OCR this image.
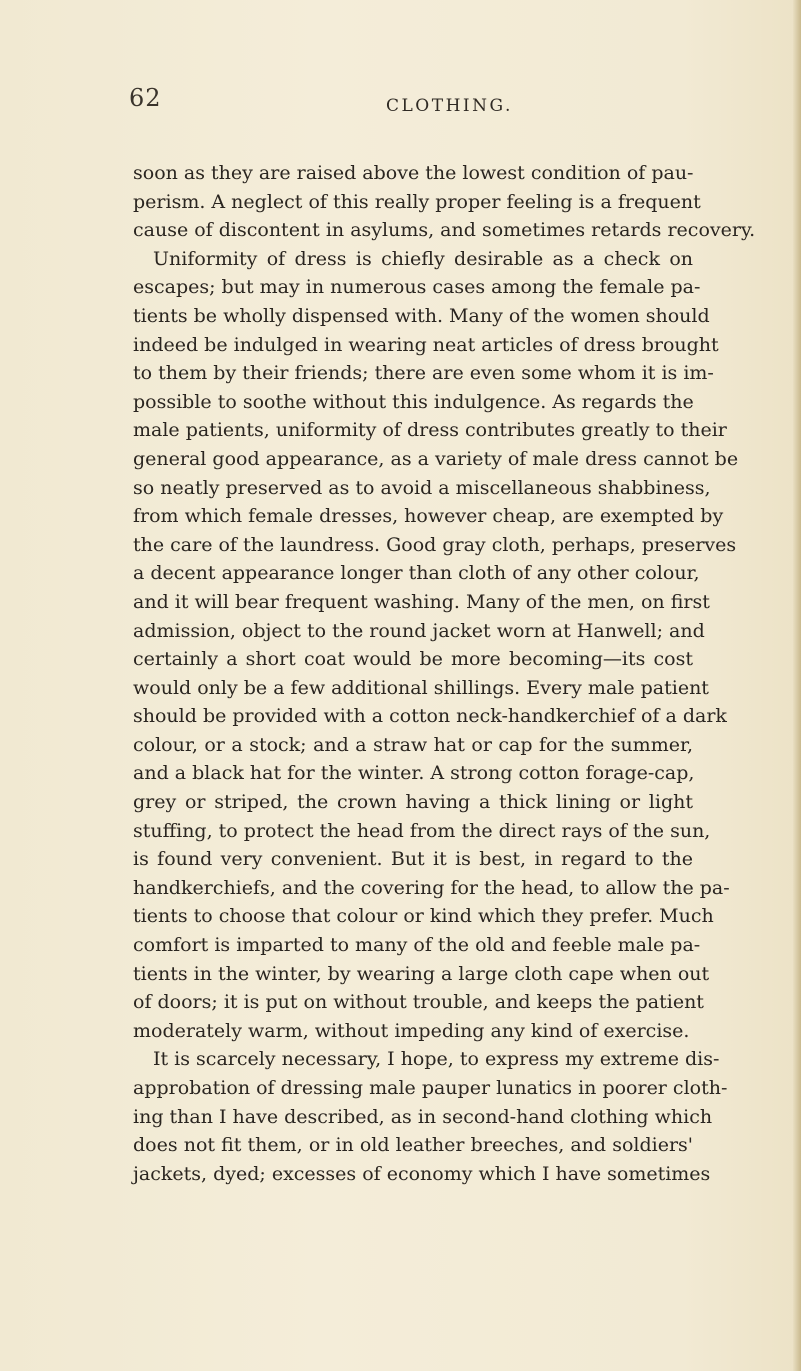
62	CLOTHING.
soon as they are raised above the lowest condition of pau-
perism. A neglect of this really proper feeling is a frequent
cause of discontent in asylums, and sometimes retards recovery.
Uniformity of dress is chiefly desirable as a check on
escapes; but may in numerous cases among the female pa-
tients be wholly dispensed with. Many of the women should
indeed be indulged in wearing neat articles of dress brought
to them by their friends; there are even some whom it is im-
possible to soothe without this indulgence. As regards the
male patients, uniformity of dress contributes greatly to their
general good appearance, as a variety of male dress cannot be
so neatly preserved as to avoid a miscellaneous shabbiness,
from which female dresses, however cheap, are exempted by
the care of the laundress. Good gray cloth, perhaps, preserves
a decent appearance longer than cloth of any other colour,
and it will bear frequent washing. Many of the men, on first
admission, object to the round jacket worn at Hanwell; and
certainly a short coat would be more becoming—its cost
would only be a few additional shillings. Every male patient
should be provided with a cotton neck-handkerchief of a dark
colour, or a stock; and a straw hat or cap for the summer,
and a black hat for the winter. A strong cotton forage-cap,
grey or striped, the crown having a thick lining or light
stuffing, to protect the head from the direct rays of the sun,
is found very convenient. But it is best, in regard to the
handkerchiefs, and the covering for the head, to allow the pa-
tients to choose that colour or kind which they prefer. Much
comfort is imparted to many of the old and feeble male pa-
tients in the winter, by wearing a large cloth cape when out
of doors; it is put on without trouble, and keeps the patient
moderately warm, without impeding any kind of exercise.
It is scarcely necessary, I hope, to express my extreme dis-
approbation of dressing male pauper lunatics in poorer cloth-
ing than I have described, as in second-hand clothing which
does not fit them, or in old leather breeches, and soldiers'
jackets, dyed; excesses of economy which I have sometimes
